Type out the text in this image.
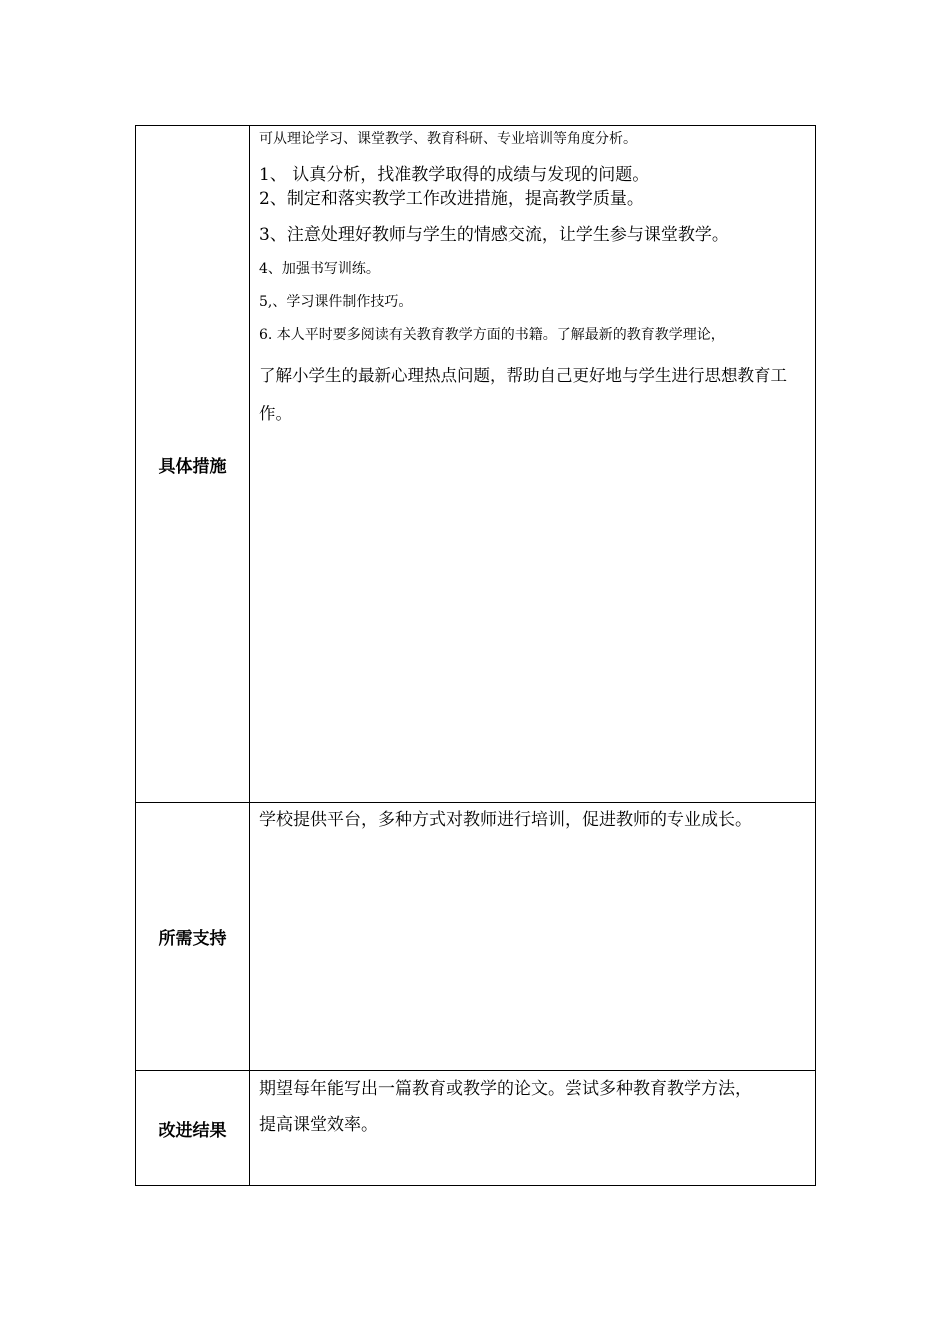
具体措施
可从理论学习、课堂教学、教育科研、专业培训等角度分析。
1、 认真分析，找准教学取得的成绩与发现的问题。
2、制定和落实教学工作改进措施，提高教学质量。
3、注意处理好教师与学生的情感交流，让学生参与课堂教学。
4、加强书写训练。
5,、学习课件制作技巧。
6. 本人平时要多阅读有关教育教学方面的书籍。了解最新的教育教学理论，
了解小学生的最新心理热点问题，帮助自己更好地与学生进行思想教育工
作。
所需支持
学校提供平台，多种方式对教师进行培训，促进教师的专业成长。
改进结果
期望每年能写出一篇教育或教学的论文。尝试多种教育教学方法，
提高课堂效率。
